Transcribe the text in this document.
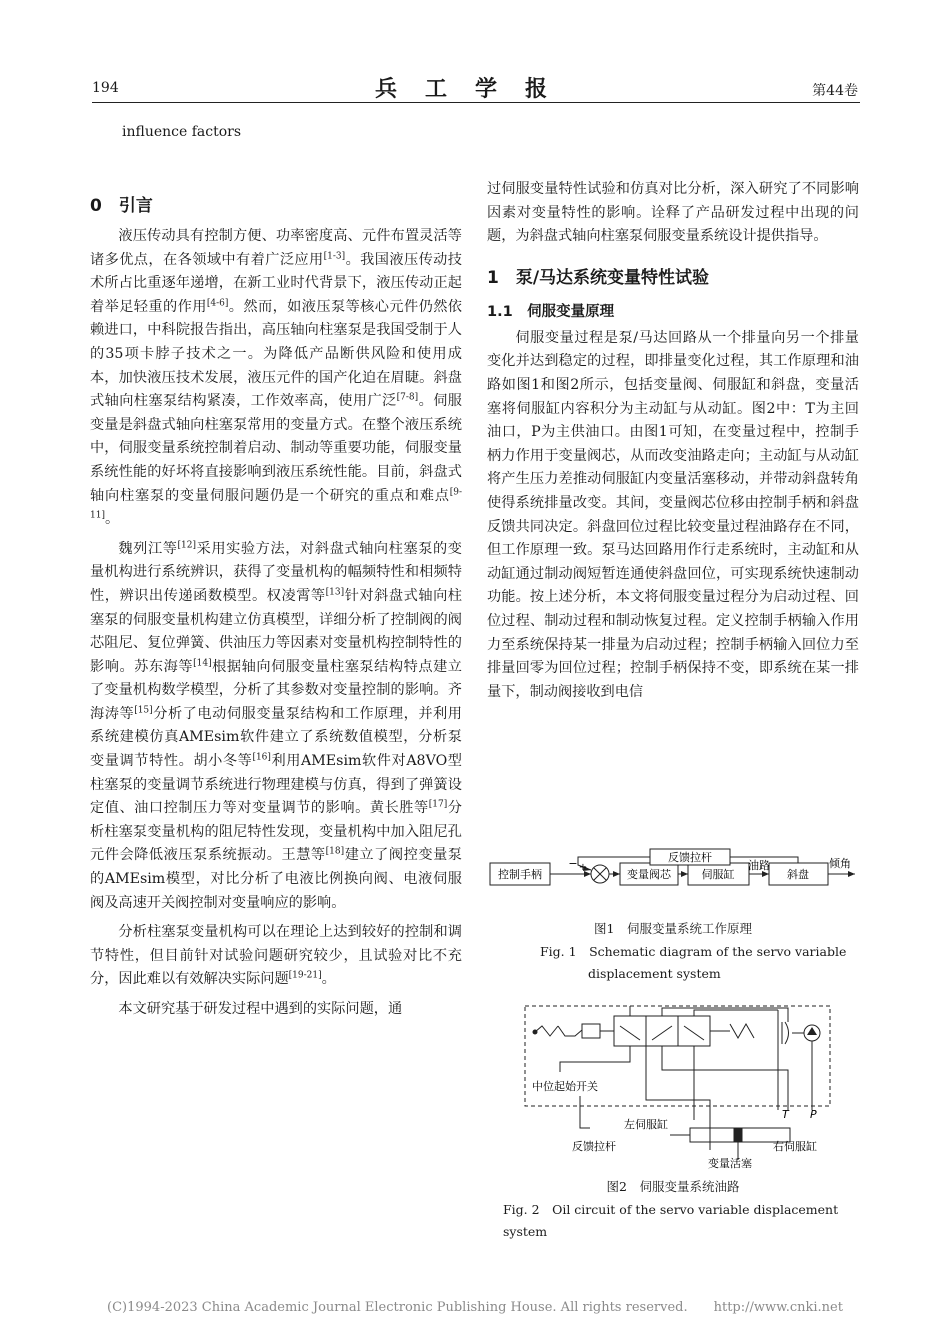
194	兵工学报	第44卷
influence factors
0　引言

液压传动具有控制方便、功率密度高、元件布置灵活等诸多优点，在各领域中有着广泛应用[1-3]。我国液压传动技术所占比重逐年递增，在新工业时代背景下，液压传动正起着举足轻重的作用[4-6]。然而，如液压泵等核心元件仍然依赖进口，中科院报告指出，高压轴向柱塞泵是我国受制于人的35项卡脖子技术之一。为降低产品断供风险和使用成本，加快液压技术发展，液压元件的国产化迫在眉睫。斜盘式轴向柱塞泵结构紧凑，工作效率高，使用广泛[7-8]。伺服变量是斜盘式轴向柱塞泵常用的变量方式。在整个液压系统中，伺服变量系统控制着启动、制动等重要功能，伺服变量系统性能的好坏将直接影响到液压系统性能。目前，斜盘式轴向柱塞泵的变量伺服问题仍是一个研究的重点和难点[9-11]。

魏列江等[12]采用实验方法，对斜盘式轴向柱塞泵的变量机构进行系统辨识，获得了变量机构的幅频特性和相频特性，辨识出传递函数模型。权凌霄等[13]针对斜盘式轴向柱塞泵的伺服变量机构建立仿真模型，详细分析了控制阀的阀芯阻尼、复位弹簧、供油压力等因素对变量机构控制特性的影响。苏东海等[14]根据轴向伺服变量柱塞泵结构特点建立了变量机构数学模型，分析了其参数对变量控制的影响。齐海涛等[15]分析了电动伺服变量泵结构和工作原理，并利用系统建模仿真AMEsim软件建立了系统数值模型，分析泵变量调节特性。胡小冬等[16]利用AMEsim软件对A8VO型柱塞泵的变量调节系统进行物理建模与仿真，得到了弹簧设定值、油口控制压力等对变量调节的影响。黄长胜等[17]分析柱塞泵变量机构的阻尼特性发现，变量机构中加入阻尼孔元件会降低液压泵系统振动。王慧等[18]建立了阀控变量泵的AMEsim模型，对比分析了电液比例换向阀、电液伺服阀及高速开关阀控制对变量响应的影响。

分析柱塞泵变量机构可以在理论上达到较好的控制和调节特性，但目前针对试验问题研究较少，且试验对比不充分，因此难以有效解决实际问题[19-21]。

本文研究基于研发过程中遇到的实际问题，通

过伺服变量特性试验和仿真对比分析，深入研究了不同影响因素对变量特性的影响。诠释了产品研发过程中出现的问题，为斜盘式轴向柱塞泵伺服变量系统设计提供指导。

1　泵/马达系统变量特性试验
1.1　伺服变量原理

伺服变量过程是泵/马达回路从一个排量向另一个排量变化并达到稳定的过程，即排量变化过程，其工作原理和油路如图1和图2所示，包括变量阀、伺服缸和斜盘，变量活塞将伺服缸内容积分为主动缸与从动缸。图2中：T为主回油口，P为主供油口。由图1可知，在变量过程中，控制手柄力作用于变量阀芯，从而改变油路走向；主动缸与从动缸将产生压力差推动伺服缸内变量活塞移动，并带动斜盘转角使得系统排量改变。其间，变量阀芯位移由控制手柄和斜盘反馈共同决定。斜盘回位过程比较变量过程油路存在不同，但工作原理一致。泵马达回路用作行走系统时，主动缸和从动缸通过制动阀短暂连通使斜盘回位，可实现系统快速制动功能。按上述分析，本文将伺服变量过程分为启动过程、回位过程、制动过程和制动恢复过程。定义控制手柄输入作用力至系统保持某一排量为启动过程；控制手柄输入回位力至排量回零为回位过程；控制手柄保持不变，即系统在某一排量下，制动阀接收到电信

控制手柄	变量阀芯	伺服缸	斜盘
反馈拉杆
油路	倾角
+
−
图1　伺服变量系统工作原理
Fig. 1　Schematic diagram of the servo variable
displacement system
中位起始开关
T P
左伺服缸
右伺服缸
反馈拉杆
变量活塞
图2　伺服变量系统油路
Fig. 2　Oil circuit of the servo variable displacement system
(C)1994-2023 China Academic Journal Electronic Publishing House. All rights reserved.　　http://www.cnki.net
